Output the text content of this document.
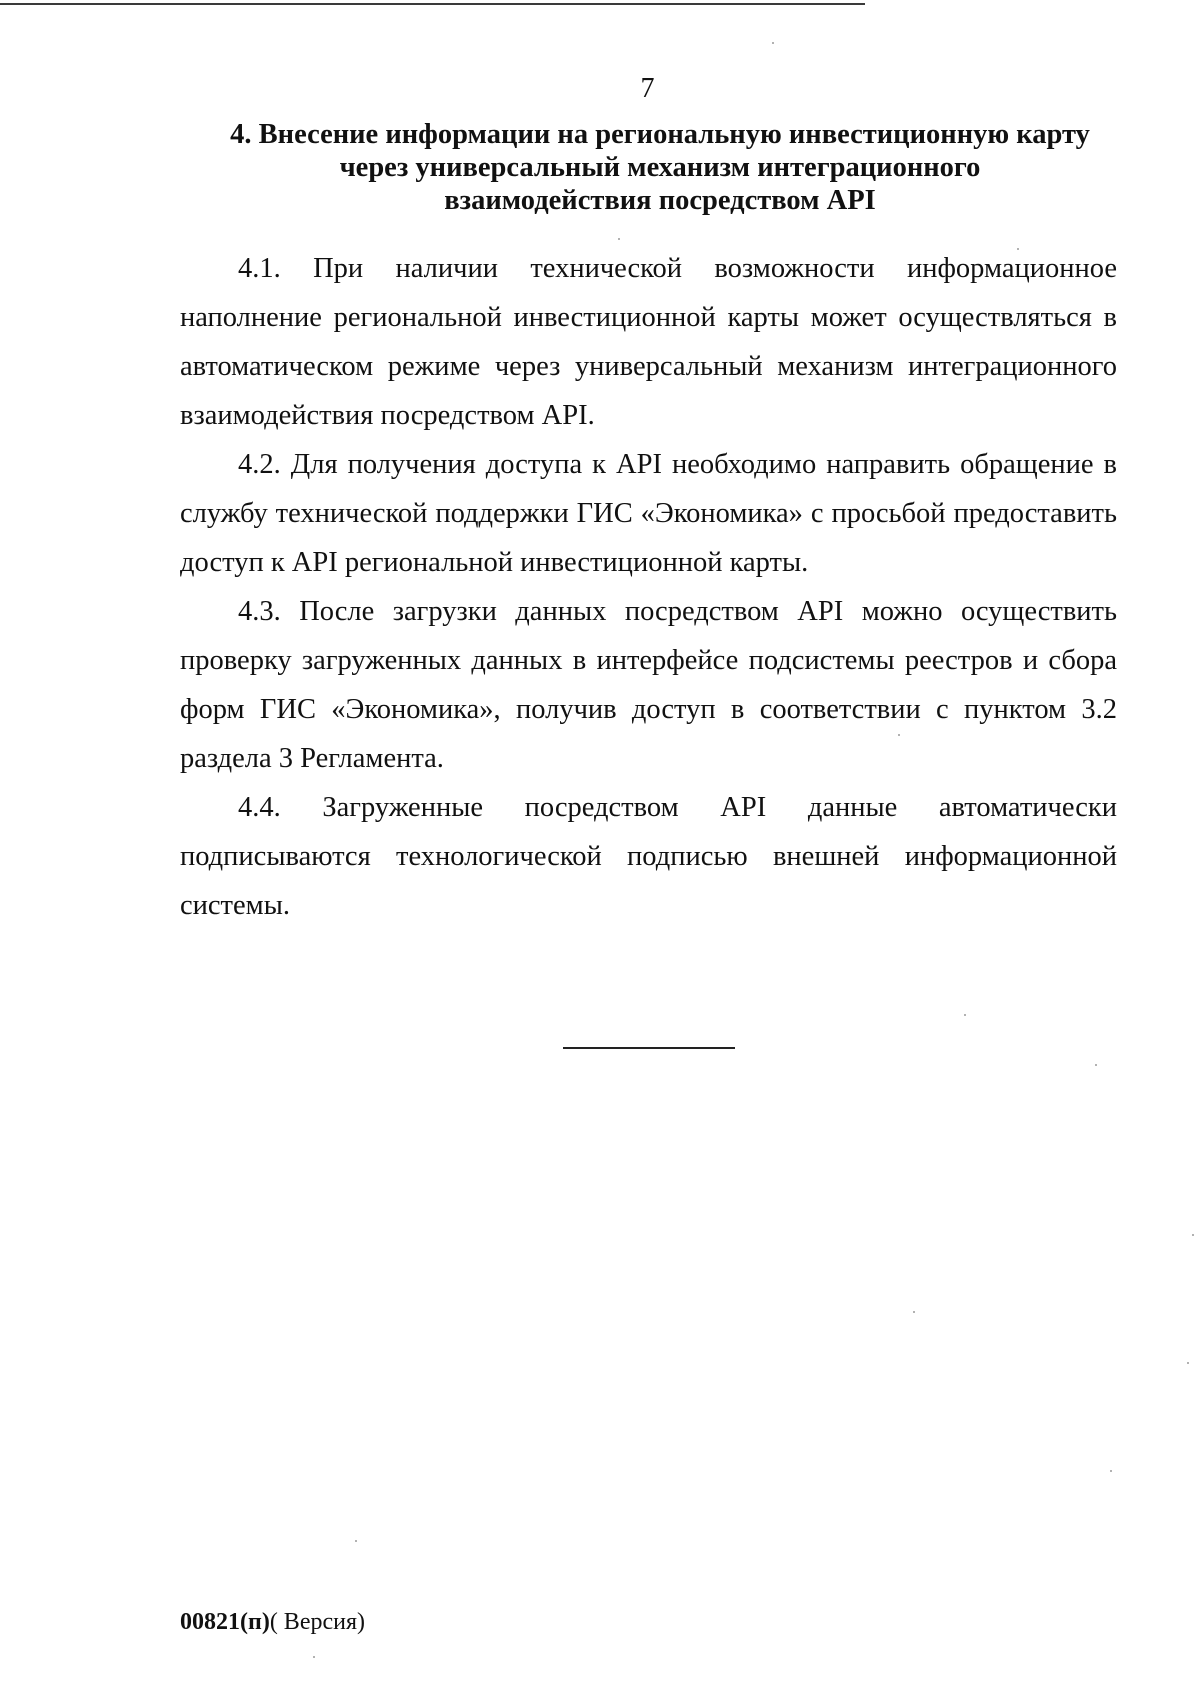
7
4. Внесение информации на региональную инвестиционную карту
через универсальный механизм интеграционного
взаимодействия посредством API

4.1. При наличии технической возможности информационное наполнение региональной инвестиционной карты может осуществляться в автоматическом режиме через универсальный механизм интеграционного взаимодействия посредством API.

4.2. Для получения доступа к API необходимо направить обращение в службу технической поддержки ГИС «Экономика» с просьбой предоставить доступ к API региональной инвестиционной карты.

4.3. После загрузки данных посредством API можно осуществить проверку загруженных данных в интерфейсе подсистемы реестров и сбора форм ГИС «Экономика», получив доступ в соответствии с пунктом 3.2 раздела 3 Регламента.

4.4. Загруженные посредством API данные автоматически подписываются технологической подписью внешней информационной системы.

00821(п)( Версия)
